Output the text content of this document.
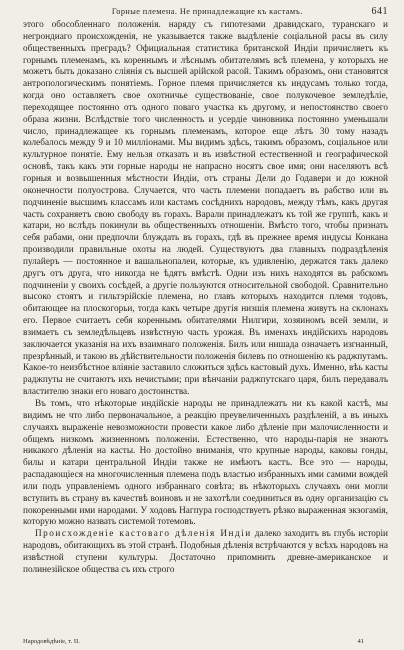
Горные племена. Не принадлежащие къ кастамъ.	641

этого обособленнаго положенія. наряду съ гипотезами дравидскаго, туранскаго и негрондиаго происхожденія, не указывается также выдѣленіе соціальной расы въ силу общественныхъ преградъ? Официальная статистика британской Индіи причисляетъ къ горнымъ племенамъ, къ кореннымъ и лѣснымъ обитателямъ всѣ племена, у которыхъ не можетъ быть доказано сліянія съ высшей арійской расой. Такимъ образомъ, они становятся антропологическимъ понятіемъ. Горное племя причисляется къ индусамъ только тогда, когда оно оставляетъ свое охотничье существованіе, свое полукочевое земледѣліе, переходящее постоянно отъ одного поваго участка къ другому, и непостоянство своего образа жизни. Вслѣдствіе того численность и усердіе чиновника постоянно уменьшали число, принадлежащее къ горнымъ племенамъ, которое еще лѣтъ 30 тому назадъ колебалось между 9 и 10 милліонами. Мы видимъ здѣсь, такимъ образомъ, соціальное или культурное понятіе. Ему нельзя отказать и въ извѣстной естественной и географической основѣ, такъ какъ эти горные народы не напрасно носятъ свое имя; они населяютъ всѣ горныя и возвышенныя мѣстности Индіи, отъ страны Дели до Годавери и до южной оконечности полуострова. Случается, что часть племени попадаетъ въ рабство или въ подчиненіе высшимъ классамъ или кастамъ сосѣднихъ народовъ, между тѣмъ, какъ другая часть сохраняетъ свою свободу въ горахъ. Варали принадлежатъ къ той же группѣ, какъ и катари, но вслѣдъ покинули вь общественныхъ отношеніи. Вмѣсто того, чтобы признать себя рабами, они предпочли блуждать въ горахъ, гдѣ въ прежнее время индусы Конкана производили правильные охоты на людей. Существуютъ два главныхъ подраздѣленія пулайеръ — постоянное и вашальнопалеи, которые, къ удивленію, держатся такъ далеко другъ отъ друга, что никогда не ѣдятъ вмѣстѣ. Одни изъ нихъ находятся въ рабскомъ подчиненіи у своихъ сосѣдей, а другіе пользуются относительной свободой. Сравнительно высоко стоятъ и гильтэрійскіе племена, но главъ которыхъ находится племя тодовъ, обитающее на плоскогорьи, тогда какъ четыре другія низшія племена живутъ на склонахъ его. Первое считаетъ себя кореннымъ обитателями Нилгири, хозяиномъ всей земли, и взимаетъ съ земледѣльцевъ извѣстную часть урожая. Въ именахъ индійскихъ народовъ заключается указанія на ихъ взаимнаго положенія. Билъ или нишада означаетъ изгнанный, презрѣнный, и такою въ дѣйствительности положенія билевъ по отношенію къ раджпутамъ. Какое-то неизбѣстное вліяніе заставило сложиться здѣсь кастовый духъ. Именно, вѣь касты раджпуты не считаютъ ихъ нечистыми; при вѣнчаніи раджпутскаго царя, билъ передавалъ властителю знаки его новаго достоинства.

Въ томъ, что нѣкоторые индійскіе народы не принадлежатъ ни къ какой кастѣ, мы видимъ не что либо первоначальное, а реакцію преувеличенныхъ раздѣленій, а въ иныхъ случаяхъ выраженіе невозможности провести какое либо дѣленіе при малочисленности и общемъ низкомъ жизненномъ положеніи. Естественно, что народы-парія не знаютъ никакого дѣленія на касты. Но достойно вниманія, что крупные народы, каковы гонды, билы и катари центральной Индіи также не имѣютъ кастъ. Все это — народы, распадающіеся на многочисленныя племена подъ властью избранныхъ ими самими вождей или подъ управленіемъ одного избраннаго совѣта; въ нѣкоторыхъ случаяхъ они могли вступить въ страну въ качествѣ воиновъ и не захотѣли соединиться въ одну организацію съ покоренными ими народами. У ходовъ Нагпура господствуетъ рѣзко выраженная экзогамія, которую можно назвать системой тотемовъ.

Происхожденіе кастоваго дѣленія Индіи далеко заходитъ въ глубь исторіи народовъ, обитающихъ въ этой странѣ. Подобныя дѣленія встрѣчаются у всѣхъ народовъ на извѣстной ступени культуры. Достаточно припомнить древне-американское и полинезійское общества съ ихъ строго

Народовѣдѣніе, т. II.	41
